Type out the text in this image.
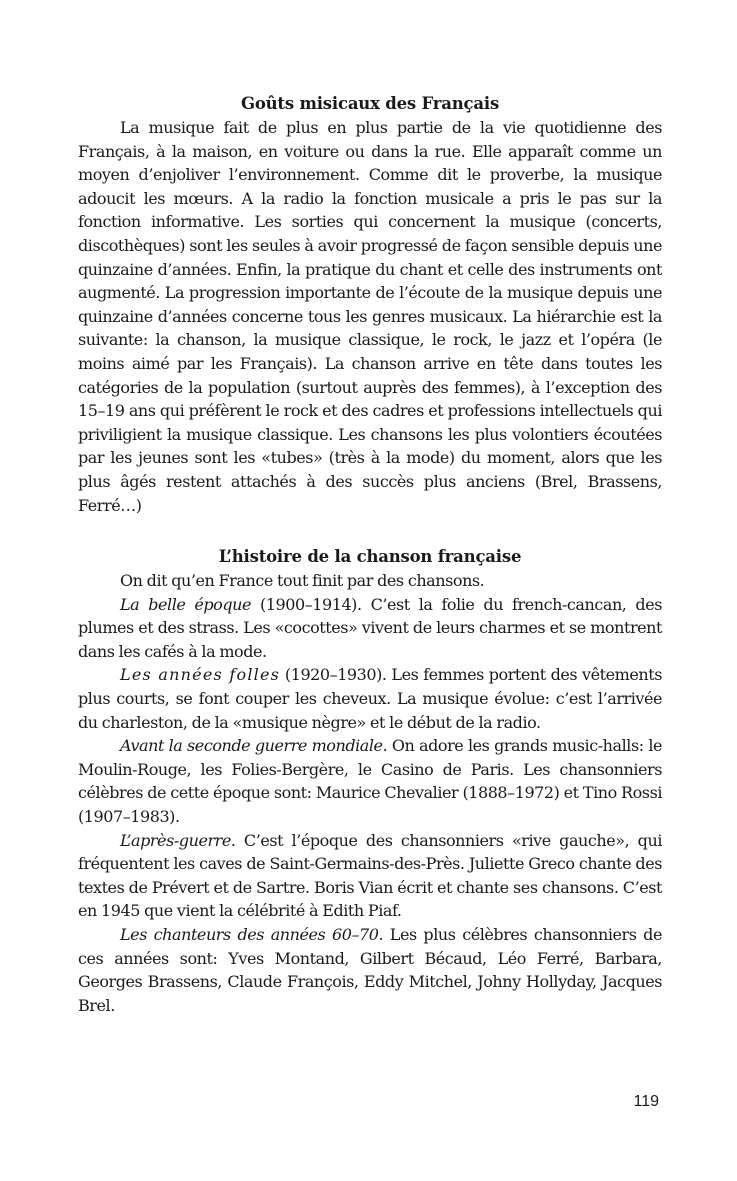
Goûts misicaux des Français

La musique fait de plus en plus partie de la vie quotidienne des Français, à la maison, en voiture ou dans la rue. Elle apparaît comme un moyen d’enjoliver l’environnement. Comme dit le proverbe, la musique adoucit les mœurs. A la radio la fonction musicale a pris le pas sur la fonction informative. Les sorties qui concernent la musique (concerts, discothèques) sont les seules à avoir progressé de façon sensible depuis une quinzaine d’années. Enfin, la pratique du chant et celle des instruments ont augmenté. La progression importante de l’écoute de la musique depuis une quinzaine d’années concerne tous les genres musicaux. La hiérarchie est la suivante: la chanson, la musique classique, le rock, le jazz et l’opéra (le moins aimé par les Français). La chanson arrive en tête dans toutes les catégories de la population (surtout auprès des femmes), à l’exception des 15–19 ans qui préfèrent le rock et des cadres et professions intellectuels qui priviligient la musique classique. Les chansons les plus volontiers écoutées par les jeunes sont les «tubes» (très à la mode) du moment, alors que les plus âgés restent attachés à des succès plus anciens (Brel, Brassens, Ferré…)

L’histoire de la chanson française

On dit qu’en France tout finit par des chansons.

La belle époque (1900–1914). C’est la folie du french-cancan, des plumes et des strass. Les «cocottes» vivent de leurs charmes et se montrent dans les cafés à la mode.

Les années folles (1920–1930). Les femmes portent des vêtements plus courts, se font couper les cheveux. La musique évolue: c’est l’arrivée du charleston, de la «musique nègre» et le début de la radio.

Avant la seconde guerre mondiale. On adore les grands music-halls: le Moulin-Rouge, les Folies-Bergère, le Casino de Paris. Les chansonniers célèbres de cette époque sont: Maurice Chevalier (1888–1972) et Tino Rossi (1907–1983).

L’après-guerre. C’est l’époque des chansonniers «rive gauche», qui fréquentent les caves de Saint-Germains-des-Près. Juliette Greco chante des textes de Prévert et de Sartre. Boris Vian écrit et chante ses chansons. C’est en 1945 que vient la célébrité à Edith Piaf.

Les chanteurs des années 60–70. Les plus célèbres chansonniers de ces années sont: Yves Montand, Gilbert Bécaud, Léo Ferré, Barbara, Georges Brassens, Claude François, Eddy Mitchel, Johny Hollyday, Jacques Brel.

119
